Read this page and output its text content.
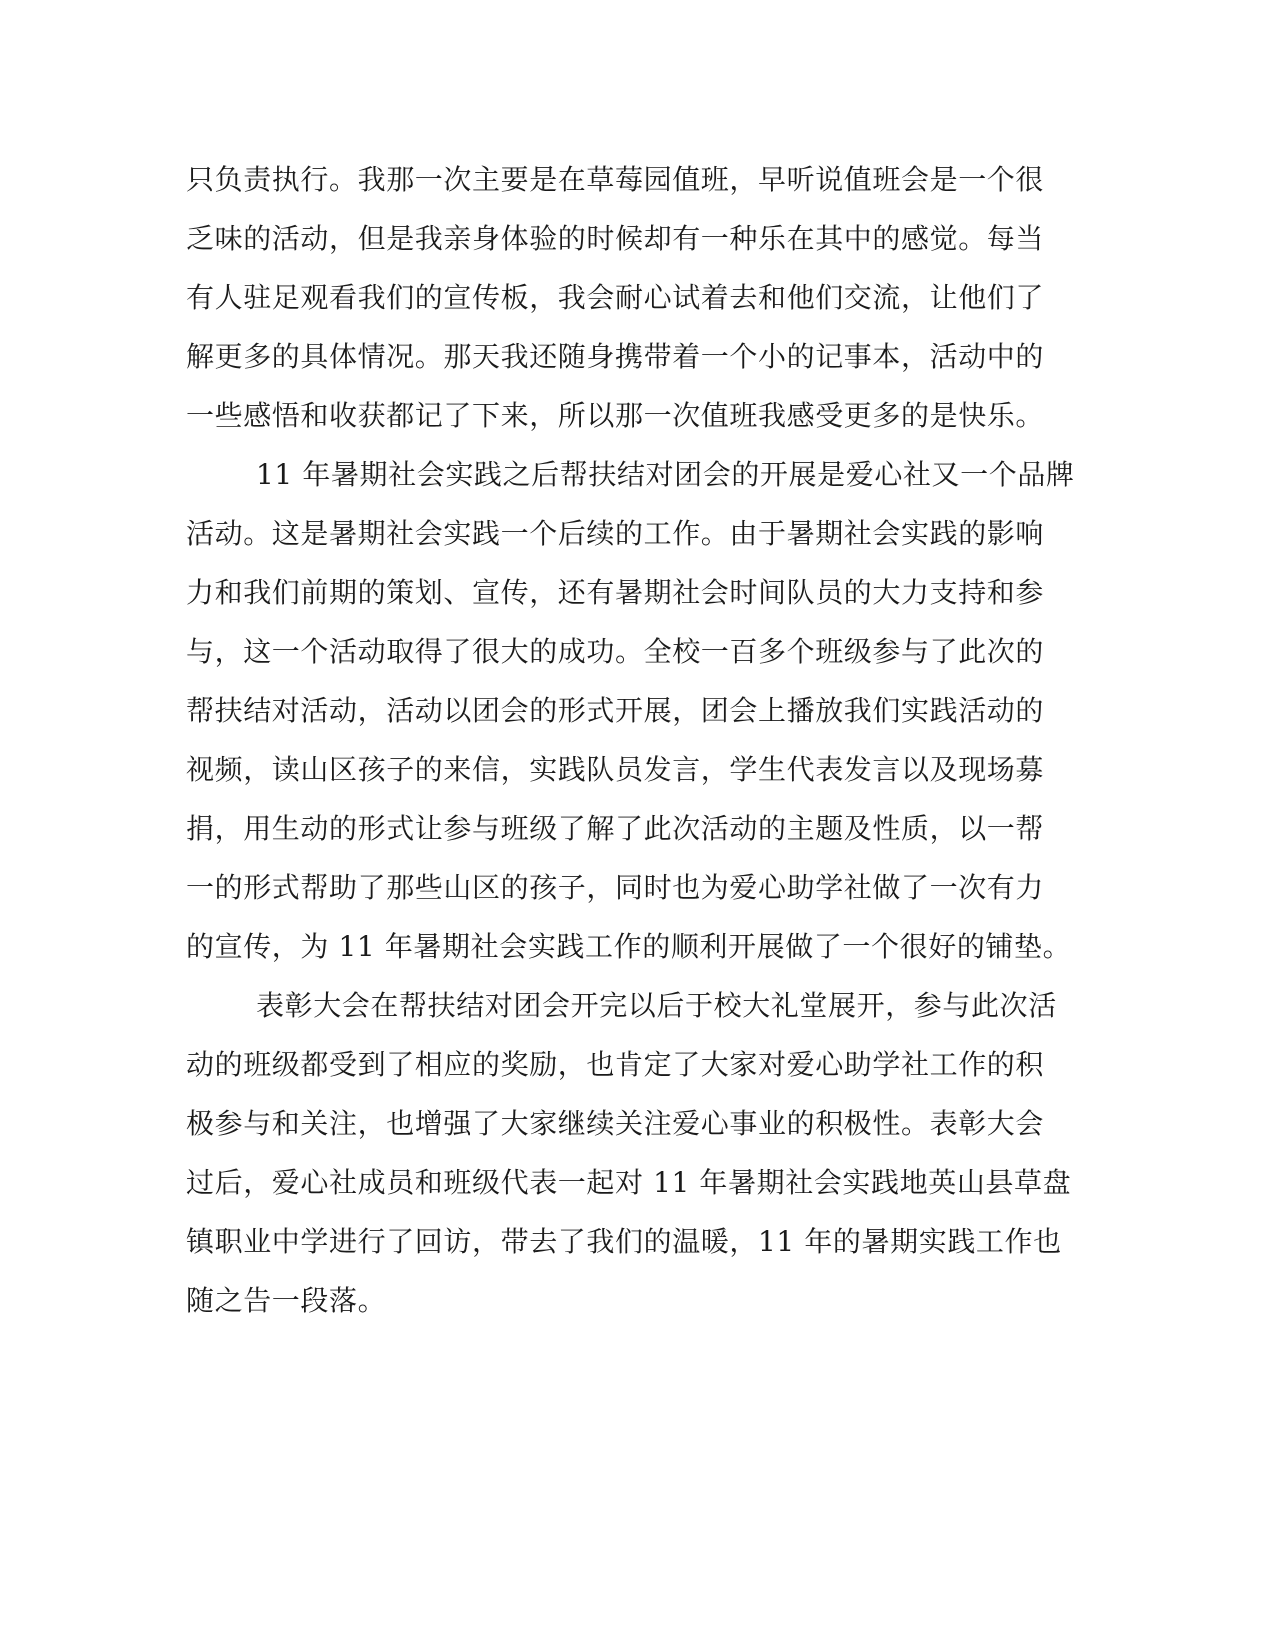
只负责执行。我那一次主要是在草莓园值班，早听说值班会是一个很
乏味的活动，但是我亲身体验的时候却有一种乐在其中的感觉。每当
有人驻足观看我们的宣传板，我会耐心试着去和他们交流，让他们了
解更多的具体情况。那天我还随身携带着一个小的记事本，活动中的
一些感悟和收获都记了下来，所以那一次值班我感受更多的是快乐。
11 年暑期社会实践之后帮扶结对团会的开展是爱心社又一个品牌
活动。这是暑期社会实践一个后续的工作。由于暑期社会实践的影响
力和我们前期的策划、宣传，还有暑期社会时间队员的大力支持和参
与，这一个活动取得了很大的成功。全校一百多个班级参与了此次的
帮扶结对活动，活动以团会的形式开展，团会上播放我们实践活动的
视频，读山区孩子的来信，实践队员发言，学生代表发言以及现场募
捐，用生动的形式让参与班级了解了此次活动的主题及性质，以一帮
一的形式帮助了那些山区的孩子，同时也为爱心助学社做了一次有力
的宣传，为 11 年暑期社会实践工作的顺利开展做了一个很好的铺垫。
表彰大会在帮扶结对团会开完以后于校大礼堂展开，参与此次活
动的班级都受到了相应的奖励，也肯定了大家对爱心助学社工作的积
极参与和关注，也增强了大家继续关注爱心事业的积极性。表彰大会
过后，爱心社成员和班级代表一起对 11 年暑期社会实践地英山县草盘
镇职业中学进行了回访，带去了我们的温暖，11 年的暑期实践工作也
随之告一段落。
